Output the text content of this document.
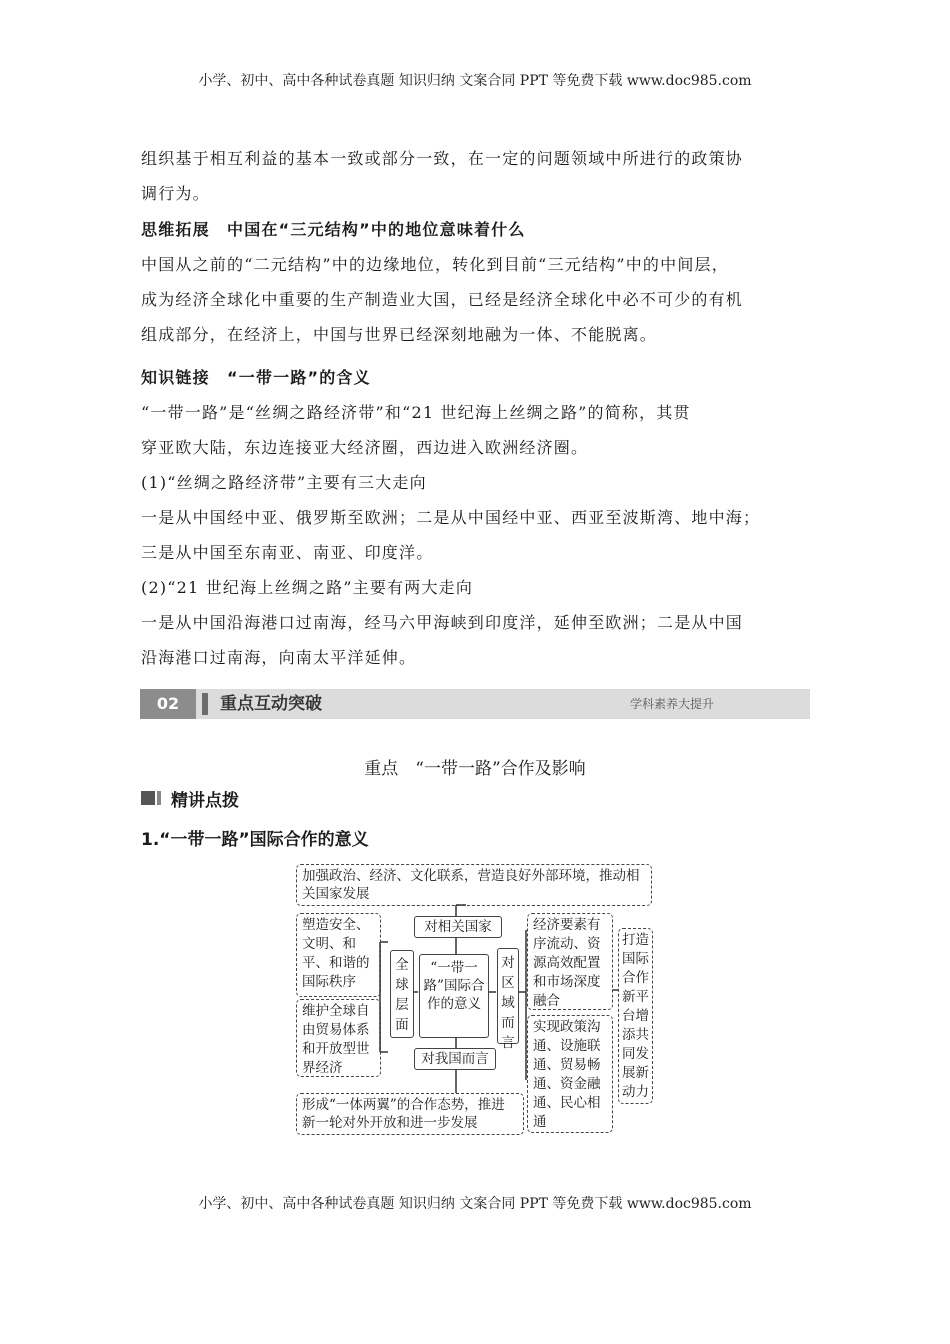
小学、初中、高中各种试卷真题 知识归纳 文案合同 PPT 等免费下载 www.doc985.com

组织基于相互利益的基本一致或部分一致，在一定的问题领域中所进行的政策协

调行为。

思维拓展　中国在“三元结构”中的地位意味着什么

中国从之前的“二元结构”中的边缘地位，转化到目前“三元结构”中的中间层，

成为经济全球化中重要的生产制造业大国，已经是经济全球化中必不可少的有机

组成部分，在经济上，中国与世界已经深刻地融为一体、不能脱离。

知识链接　“一带一路”的含义

“一带一路”是“丝绸之路经济带”和“21 世纪海上丝绸之路”的简称，其贯

穿亚欧大陆，东边连接亚大经济圈，西边进入欧洲经济圈。

(1)“丝绸之路经济带”主要有三大走向

一是从中国经中亚、俄罗斯至欧洲；二是从中国经中亚、西亚至波斯湾、地中海；

三是从中国至东南亚、南亚、印度洋。

(2)“21 世纪海上丝绸之路”主要有两大走向

一是从中国沿海港口过南海，经马六甲海峡到印度洋，延伸至欧洲；二是从中国

沿海港口过南海，向南太平洋延伸。

02	重点互动突破	学科素养大提升
重点　“一带一路”合作及影响
精讲点拨
1.“一带一路”国际合作的意义
加强政治、经济、文化联系，营造良好外部环境，推动相关国家发展
塑造安全、文明、和平、和谐的国际秩序
维护全球自由贸易体系和开放型世界经济
全球层面
对相关国家
“一带一路”国际合作的意义
对我国而言
对区域而言
经济要素有序流动、资源高效配置和市场深度融合
实现政策沟通、设施联通、贸易畅通、资金融通、民心相通
打造国际合作新平台增添共同发展新动力
形成“一体两翼”的合作态势，推进新一轮对外开放和进一步发展
小学、初中、高中各种试卷真题 知识归纳 文案合同 PPT 等免费下载 www.doc985.com
